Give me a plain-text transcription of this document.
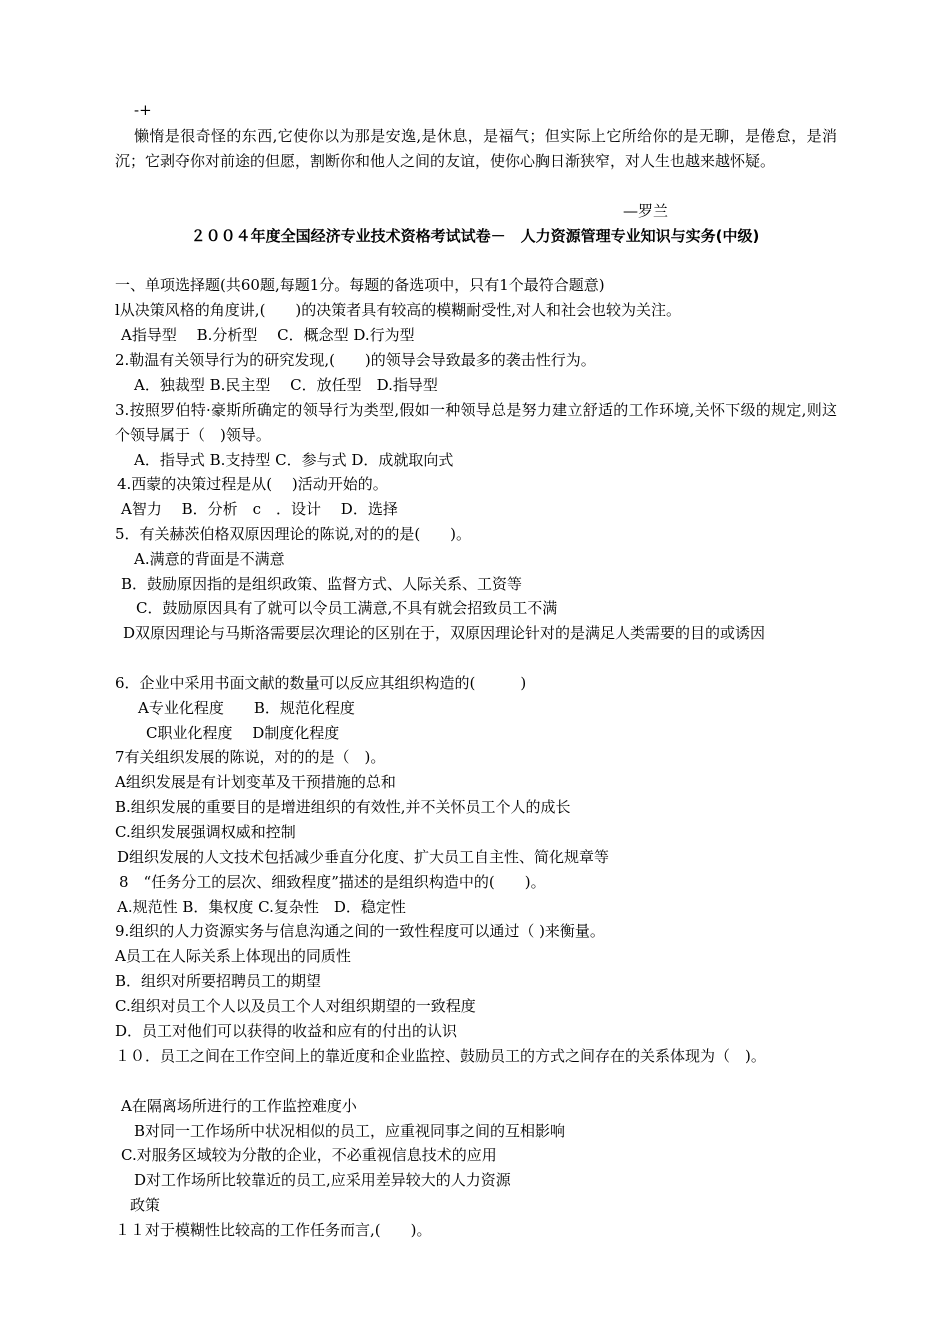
-+
懒惰是很奇怪的东西,它使你以为那是安逸,是休息，是福气；但实际上它所给你的是无聊，是倦怠，是消沉；它剥夺你对前途的但愿，割断你和他人之间的友谊，使你心胸日渐狭窄，对人生也越来越怀疑。
—罗兰
２００４年度全国经济专业技术资格考试试卷－　人力资源管理专业知识与实务(中级)
一、单项选择题(共60题,每题1分。每题的备选项中，只有1个最符合题意)
l从决策风格的角度讲,(　　)的决策者具有较高的模糊耐受性,对人和社会也较为关注。
A指导型　 B.分析型　 C．概念型 D.行为型
2.勒温有关领导行为的研究发现,(　　)的领导会导致最多的袭击性行为。
A．独裁型 B.民主型　 C．放任型　D.指导型
3.按照罗伯特·豪斯所确定的领导行为类型,假如一种领导总是努力建立舒适的工作环境,关怀下级的规定,则这个领导属于（　)领导。
A．指导式 B.支持型 C．参与式 D．成就取向式
4.西蒙的决策过程是从(　 )活动开始的。
A智力　 B．分析　c　．设计　 D．选择
5．有关赫茨伯格双原因理论的陈说,对的的是(　　)。
A.满意的背面是不满意
B．鼓励原因指的是组织政策、监督方式、人际关系、工资等
C．鼓励原因具有了就可以令员工满意,不具有就会招致员工不满
D双原因理论与马斯洛需要层次理论的区别在于，双原因理论针对的是满足人类需要的目的或诱因
6．企业中采用书面文献的数量可以反应其组织构造的(　　　)
A专业化程度　　B．规范化程度
C职业化程度　 D制度化程度
7有关组织发展的陈说，对的的是（　)。
A组织发展是有计划变革及干预措施的总和
B.组织发展的重要目的是增进组织的有效性,并不关怀员工个人的成长
C.组织发展强调权威和控制
D组织发展的人文技术包括减少垂直分化度、扩大员工自主性、简化规章等
8　“任务分工的层次、细致程度”描述的是组织构造中的(　　)。
A.规范性 B．集权度 C.复杂性　D．稳定性
9.组织的人力资源实务与信息沟通之间的一致性程度可以通过（ )来衡量。
A员工在人际关系上体现出的同质性
B．组织对所要招聘员工的期望
C.组织对员工个人以及员工个人对组织期望的一致程度
D．员工对他们可以获得的收益和应有的付出的认识
１０．员工之间在工作空间上的靠近度和企业监控、鼓励员工的方式之间存在的关系体现为（　)。
A在隔离场所进行的工作监控难度小
B对同一工作场所中状况相似的员工，应重视同事之间的互相影响
C.对服务区域较为分散的企业，不必重视信息技术的应用
D对工作场所比较靠近的员工,应采用差异较大的人力资源
政策
１１对于模糊性比较高的工作任务而言,(　　)。
